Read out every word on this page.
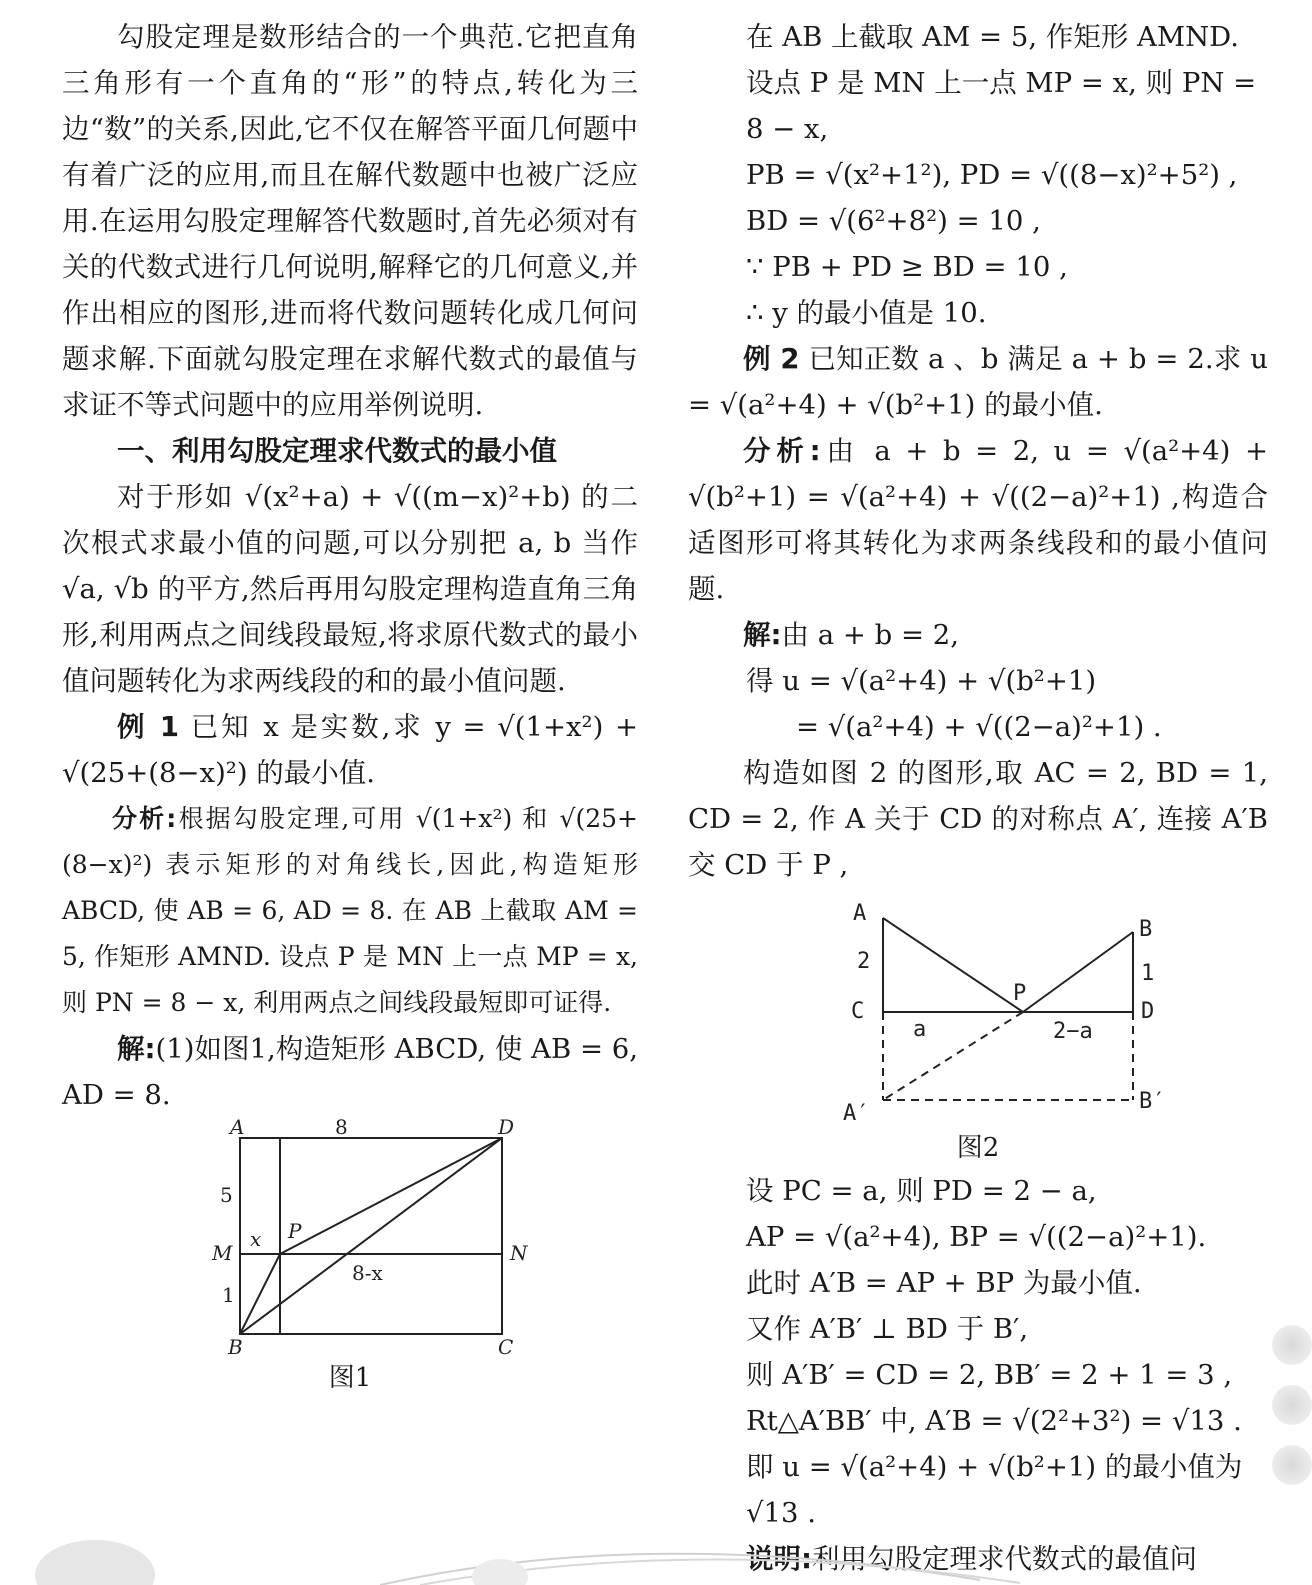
勾股定理是数形结合的一个典范.它把直角三角形有一个直角的“形”的特点,转化为三边“数”的关系,因此,它不仅在解答平面几何题中有着广泛的应用,而且在解代数题中也被广泛应用.在运用勾股定理解答代数题时,首先必须对有关的代数式进行几何说明,解释它的几何意义,并作出相应的图形,进而将代数问题转化成几何问题求解.下面就勾股定理在求解代数式的最值与求证不等式问题中的应用举例说明.

一、利用勾股定理求代数式的最小值

对于形如 √(x²+a) + √((m−x)²+b) 的二次根式求最小值的问题,可以分别把 a, b 当作 √a, √b 的平方,然后再用勾股定理构造直角三角形,利用两点之间线段最短,将求原代数式的最小值问题转化为求两线段的和的最小值问题.

例 1 已知 x 是实数,求 y = √(1+x²) + √(25+(8−x)²) 的最小值.

分析:根据勾股定理,可用 √(1+x²) 和 √(25+(8−x)²) 表示矩形的对角线长,因此,构造矩形 ABCD, 使 AB = 6, AD = 8. 在 AB 上截取 AM = 5, 作矩形 AMND. 设点 P 是 MN 上一点 MP = x, 则 PN = 8 − x, 利用两点之间线段最短即可证得.

解:(1)如图1,构造矩形 ABCD, 使 AB = 6, AD = 8.

A	8	D
5
x P
M	N
8-x
1
B	C

图1

在 AB 上截取 AM = 5, 作矩形 AMND.

设点 P 是 MN 上一点 MP = x, 则 PN = 8 − x,

PB = √(x²+1²), PD = √((8−x)²+5²) ,

BD = √(6²+8²) = 10 ,

∵ PB + PD ≥ BD = 10 ,

∴ y 的最小值是 10.

例 2 已知正数 a 、b 满足 a + b = 2.求 u = √(a²+4) + √(b²+1) 的最小值.

分析:由 a + b = 2, u = √(a²+4) + √(b²+1) = √(a²+4) + √((2−a)²+1) ,构造合适图形可将其转化为求两条线段和的最小值问题.

解:由 a + b = 2,

得 u = √(a²+4) + √(b²+1)

= √(a²+4) + √((2−a)²+1) .

构造如图 2 的图形,取 AC = 2, BD = 1, CD = 2, 作 A 关于 CD 的对称点 A′, 连接 A′B 交 CD 于 P ,

A
2
C
P
a	2−a
B
1
D
A′	B′

图2

设 PC = a, 则 PD = 2 − a,

AP = √(a²+4), BP = √((2−a)²+1).

此时 A′B = AP + BP 为最小值.

又作 A′B′ ⊥ BD 于 B′,

则 A′B′ = CD = 2, BB′ = 2 + 1 = 3 ,

Rt△A′BB′ 中, A′B = √(2²+3²) = √13 .

即 u = √(a²+4) + √(b²+1) 的最小值为 √13 .

说明:利用勾股定理求代数式的最值问
